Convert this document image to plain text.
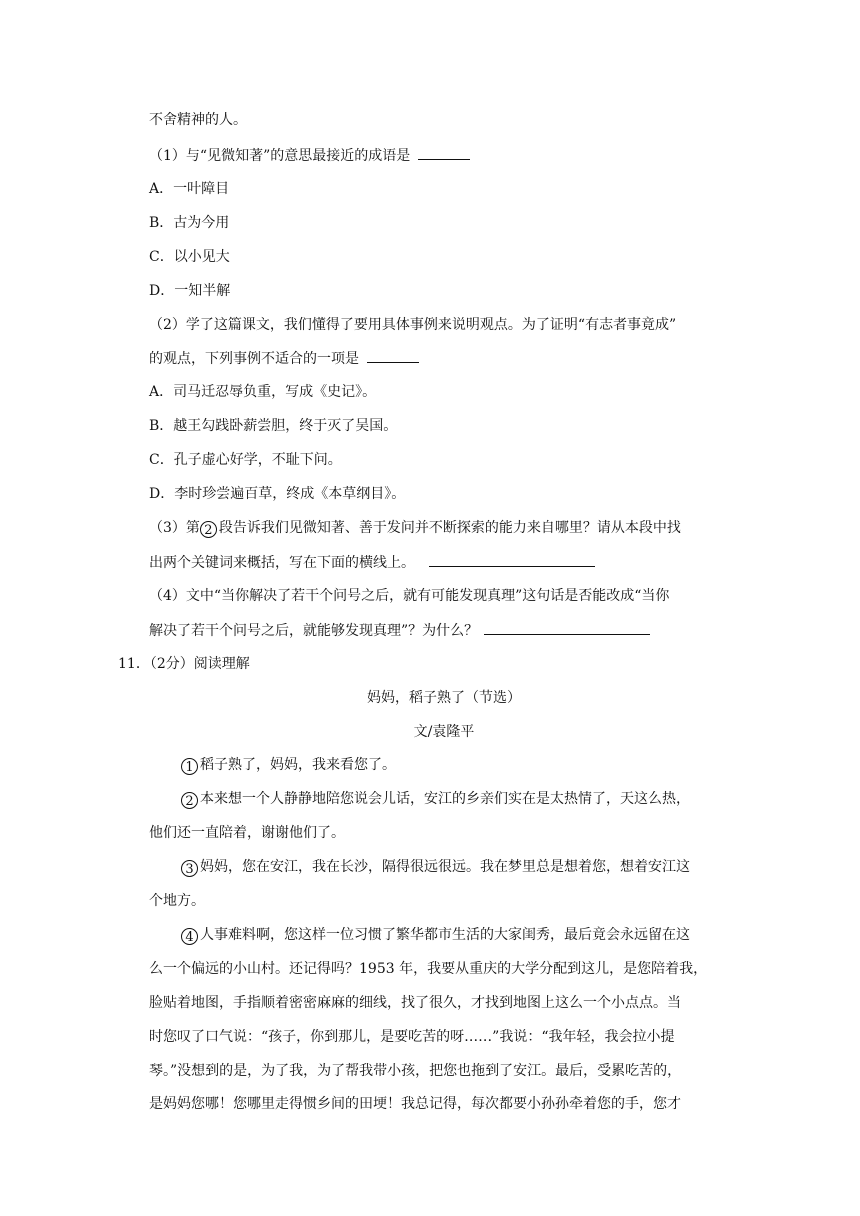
不舍精神的人。
（1）与“见微知著”的意思最接近的成语是
A．一叶障目
B．古为今用
C．以小见大
D．一知半解
（2）学了这篇课文，我们懂得了要用具体事例来说明观点。为了证明“有志者事竟成”
的观点，下列事例不适合的一项是
A．司马迁忍辱负重，写成《史记》。
B．越王勾践卧薪尝胆，终于灭了吴国。
C．孔子虚心好学，不耻下问。
D．李时珍尝遍百草，终成《本草纲目》。
（3）第 2 段告诉我们见微知著、善于发问并不断探索的能力来自哪里？请从本段中找
出两个关键词来概括，写在下面的横线上。
（4）文中“当你解决了若干个问号之后，就有可能发现真理”这句话是否能改成“当你
解决了若干个问号之后，就能够发现真理”？为什么？
11．（2分）阅读理解
妈妈，稻子熟了（节选）
文/袁隆平
1 稻子熟了，妈妈，我来看您了。
2 本来想一个人静静地陪您说会儿话，安江的乡亲们实在是太热情了，天这么热，
他们还一直陪着，谢谢他们了。
3 妈妈，您在安江，我在长沙，隔得很远很远。我在梦里总是想着您，想着安江这
个地方。
4 人事难料啊，您这样一位习惯了繁华都市生活的大家闺秀，最后竟会永远留在这
么一个偏远的小山村。还记得吗？1953 年，我要从重庆的大学分配到这儿，是您陪着我，
脸贴着地图，手指顺着密密麻麻的细线，找了很久，才找到地图上这么一个小点点。当
时您叹了口气说：“孩子，你到那儿，是要吃苦的呀……”我说：“我年轻，我会拉小提
琴。”没想到的是，为了我，为了帮我带小孩，把您也拖到了安江。最后，受累吃苦的，
是妈妈您哪！您哪里走得惯乡间的田埂！我总记得，每次都要小孙孙牵着您的手，您才
